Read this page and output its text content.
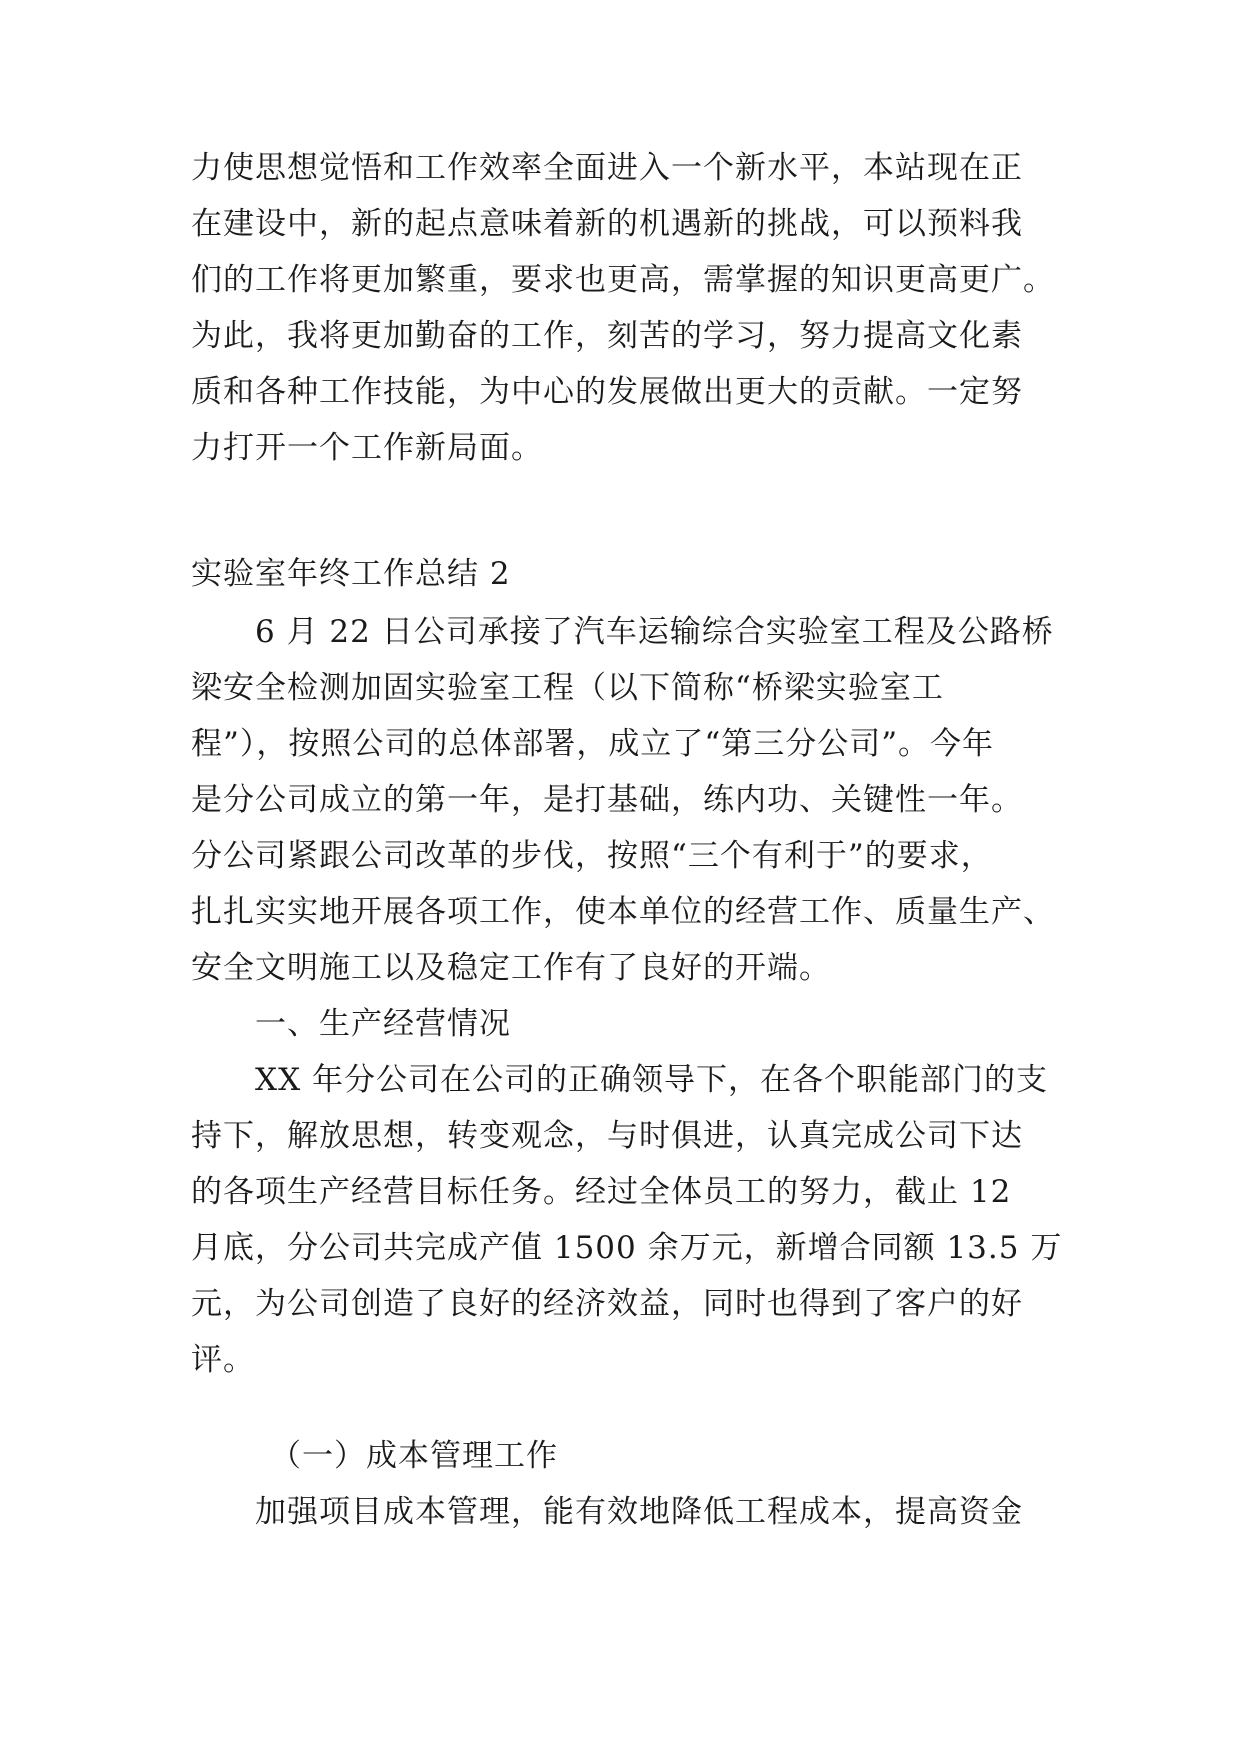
力使思想觉悟和工作效率全面进入一个新水平，本站现在正
在建设中，新的起点意味着新的机遇新的挑战，可以预料我
们的工作将更加繁重，要求也更高，需掌握的知识更高更广。
为此，我将更加勤奋的工作，刻苦的学习，努力提高文化素
质和各种工作技能，为中心的发展做出更大的贡献。一定努
力打开一个工作新局面。
实验室年终工作总结 2
6 月 22 日公司承接了汽车运输综合实验室工程及公路桥
梁安全检测加固实验室工程（以下简称“桥梁实验室工
程”），按照公司的总体部署，成立了“第三分公司”。今年
是分公司成立的第一年，是打基础，练内功、关键性一年。
分公司紧跟公司改革的步伐，按照“三个有利于”的要求，
扎扎实实地开展各项工作，使本单位的经营工作、质量生产、
安全文明施工以及稳定工作有了良好的开端。
一、生产经营情况
XX 年分公司在公司的正确领导下，在各个职能部门的支
持下，解放思想，转变观念，与时俱进，认真完成公司下达
的各项生产经营目标任务。经过全体员工的努力，截止 12
月底，分公司共完成产值 1500 余万元，新增合同额 13.5 万
元，为公司创造了良好的经济效益，同时也得到了客户的好
评。
（一）成本管理工作
加强项目成本管理，能有效地降低工程成本，提高资金
